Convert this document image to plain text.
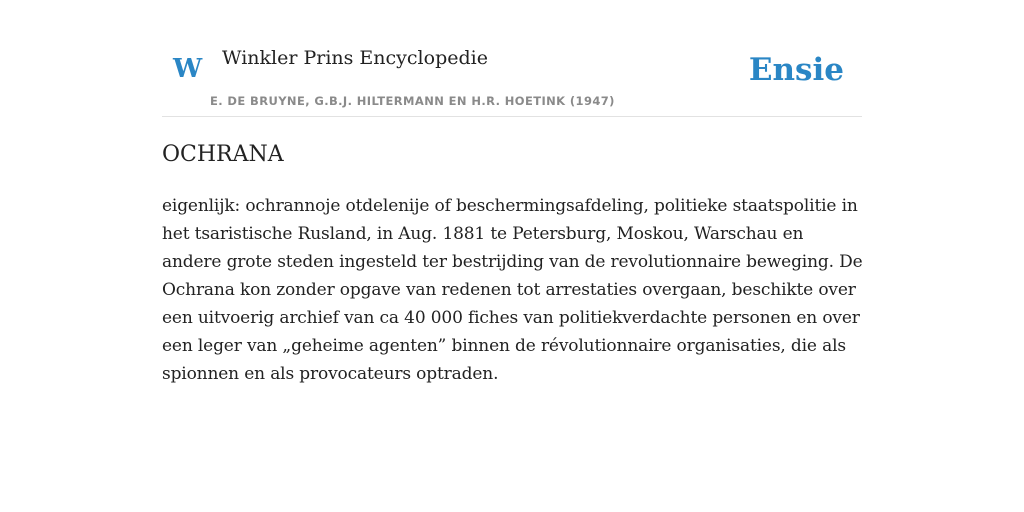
W Winkler Prins Encyclopedie
E. DE BRUYNE, G.B.J. HILTERMANN EN H.R. HOETINK (1947)
Ensie
OCHRANA

eigenlijk: ochrannoje otdelenije of beschermingsafdeling, politieke staatspolitie in het tsaristische Rusland, in Aug. 1881 te Petersburg, Moskou, Warschau en andere grote steden ingesteld ter bestrijding van de revolutionnaire beweging. De Ochrana kon zonder opgave van redenen tot arrestaties overgaan, beschikte over een uitvoerig archief van ca 40 000 fiches van politiekverdachte personen en over een leger van „geheime agenten” binnen de révolutionnaire organisaties, die als spionnen en als provocateurs optraden.
